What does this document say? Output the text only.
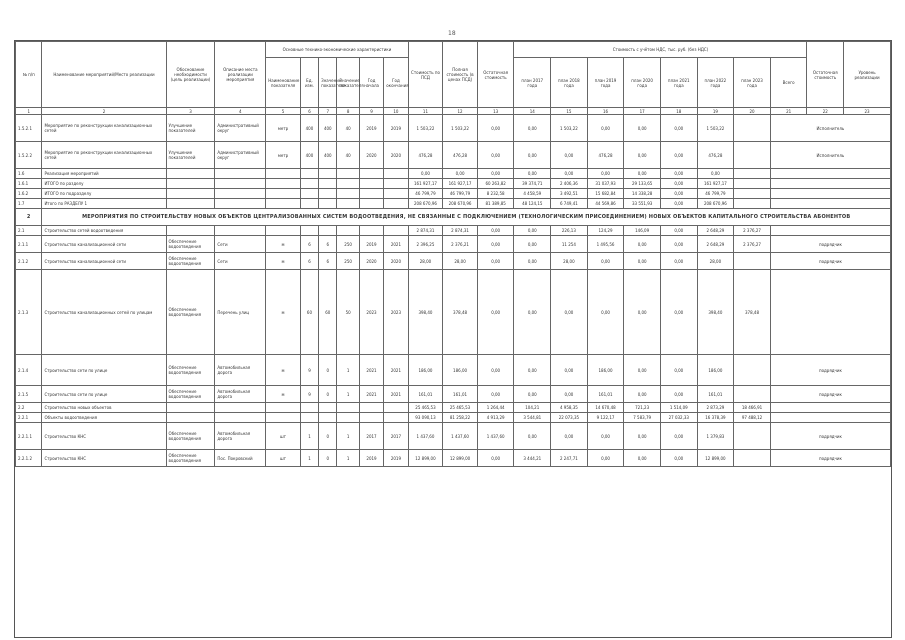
18
№ п/п	Наименование мероприятий/Место реализации	Обоснование необходимости (цель реализации)	Описание места реализации мероприятия	Основные технико-экономические характеристики						Стоимость по ПСД	Полная стоимость (в ценах ПСД)	Остаточная стоимость	Стоимость с учётом НДС, тыс. руб. (без НДС)								Остаточная стоимость	Уровень реализации
				Наименование показателя	Ед. изм.	Значение показателя	Значение показателя	Год начала	Год окончания				план 2017 года	план 2018 года	план 2019 года	план 2020 года	план 2021 года	план 2022 года	план 2023 года	Всего		
1	2	3	4	5	6	7	8	9	10	11	12	13	14	15	16	17	18	19	20	21	22	23
1.5.2.1	Мероприятие по реконструкции канализационных сетей	Улучшение показателей	Административный округ	метр	400	400	40	2019	2019	1 503,22	1 503,22	0,00	0,00	1 503,22	0,00	0,00	0,00	1 503,22		Исполнитель		
1.5.2.2	Мероприятие по реконструкции канализационных сетей	Улучшение показателей	Административный округ	метр	400	400	40	2020	2020	476,28	476,28	0,00	0,00	0,00	476,28	0,00	0,00	476,28		Исполнитель		
1.6	Реализация мероприятий									0,00	0,00	0,00	0,00	0,00	0,00	0,00	0,00	0,00				
1.6.1	ИТОГО по разделу									161 927,17	161 927,17	60 263,82	39 374,71	2 406,36	31 037,93	29 133,65	0,00	161 927,17				
1.6.2	ИТОГО по подразделу									46 799,79	46 799,79	8 232,58	4 458,59	3 492,51	15 682,84	14 338,28	0,00	46 799,79				
1.7	Итого по РАЗДЕЛУ 1									208 670,96	208 670,96	81 389,85	48 124,15	6 749,41	44 569,86	33 551,93	0,00	208 670,96				
2	МЕРОПРИЯТИЯ ПО СТРОИТЕЛЬСТВУ НОВЫХ ОБЪЕКТОВ ЦЕНТРАЛИЗОВАННЫХ СИСТЕМ ВОДООТВЕДЕНИЯ, НЕ СВЯЗАННЫЕ С ПОДКЛЮЧЕНИЕМ (ТЕХНОЛОГИЧЕСКИМ ПРИСОЕДИНЕНИЕМ) НОВЫХ ОБЪЕКТОВ КАПИТАЛЬНОГО СТРОИТЕЛЬСТВА АБОНЕНТОВ																					
2.1	Строительство сетей водоотведения									2 874,31	2 874,31	0,00	0,00	226,13	124,29	146,09	0,00	2 648,29	2 376,27			
2.1.1	Строительство канализационной сети	Обеспечение водоотведения	Сети	м	6	6	250	2019	2021	2 396,25	2 376,21	0,00	0,00	11 254	1 495,56	0,00	0,00	2 648,29	2 376,27	подрядчик		
2.1.2	Строительство канализационной сети	Обеспечение водоотведения	Сети	м	6	6	250	2020	2020	28,00	28,00	0,00	0,00	28,00	0,00	0,00	0,00	28,00		подрядчик		
2.1.3	Строительство канализационных сетей по улицам	Обеспечение водоотведения	Перечень улиц	м	60	60	50	2023	2023	398,40	378,48	0,00	0,00	0,00	0,00	0,00	0,00	398,40	378,48			
2.1.4	Строительство сети по улице	Обеспечение водоотведения	Автомобильная дорога	м	9	0	1	2021	2021	186,00	186,00	0,00	0,00	0,00	186,00	0,00	0,00	186,00		подрядчик		
2.1.5	Строительство сети по улице	Обеспечение водоотведения	Автомобильная дорога	м	9	0	1	2021	2021	161,01	161,01	0,00	0,00	0,00	161,01	0,00	0,00	161,01		подрядчик		
2.2	Строительство новых объектов									25 465,53	25 465,53	1 264,44	104,21	4 958,35	14 670,48	721,23	1 514,09	2 873,29	18 466,91			
2.2.1	Объекты водоотведения									93 090,13	81 258,22	4 913,29	3 544,81	22 073,35	9 122,17	7 583,79	27 032,33	16 378,39	97 488,12			
2.2.1.1	Строительство КНС	Обеспечение водоотведения	Автомобильная дорога	шт	1	0	1	2017	2017	1 437,60	1 437,60	1 437,60	0,00	0,00	0,00	0,00	0,00	1 379,83		подрядчик		
2.2.1.2	Строительство КНС	Обеспечение водоотведения	Пос. Покровский	шт	1	0	1	2019	2019	12 899,00	12 899,00	0,00	3 444,21	2 247,71	0,00	0,00	0,00	12 899,00		подрядчик		
